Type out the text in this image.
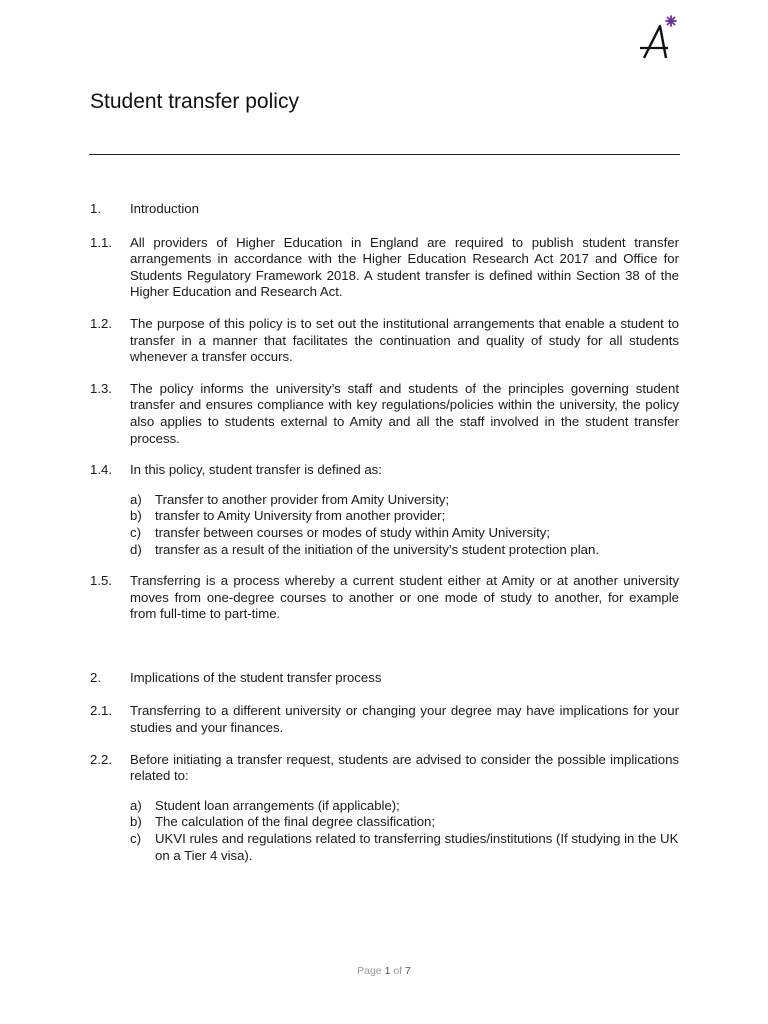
Student transfer policy
1.	Introduction
1.1.	All providers of Higher Education in England are required to publish student transfer arrangements in accordance with the Higher Education Research Act 2017 and Office for Students Regulatory Framework 2018. A student transfer is defined within Section 38 of the Higher Education and Research Act.
1.2.	The purpose of this policy is to set out the institutional arrangements that enable a student to transfer in a manner that facilitates the continuation and quality of study for all students whenever a transfer occurs.
1.3.	The policy informs the university’s staff and students of the principles governing student transfer and ensures compliance with key regulations/policies within the university, the policy also applies to students external to Amity and all the staff involved in the student transfer process.
1.4.	In this policy, student transfer is defined as:
a)	Transfer to another provider from Amity University;
b)	transfer to Amity University from another provider;
c)	transfer between courses or modes of study within Amity University;
d)	transfer as a result of the initiation of the university’s student protection plan.
1.5.	Transferring is a process whereby a current student either at Amity or at another university moves from one-degree courses to another or one mode of study to another, for example from full-time to part-time.
2.	Implications of the student transfer process
2.1.	Transferring to a different university or changing your degree may have implications for your studies and your finances.
2.2.	Before initiating a transfer request, students are advised to consider the possible implications related to:
a)	Student loan arrangements (if applicable);
b)	The calculation of the final degree classification;
c)	UKVI rules and regulations related to transferring studies/institutions (If studying in the UK on a Tier 4 visa).
Page 1 of 7
